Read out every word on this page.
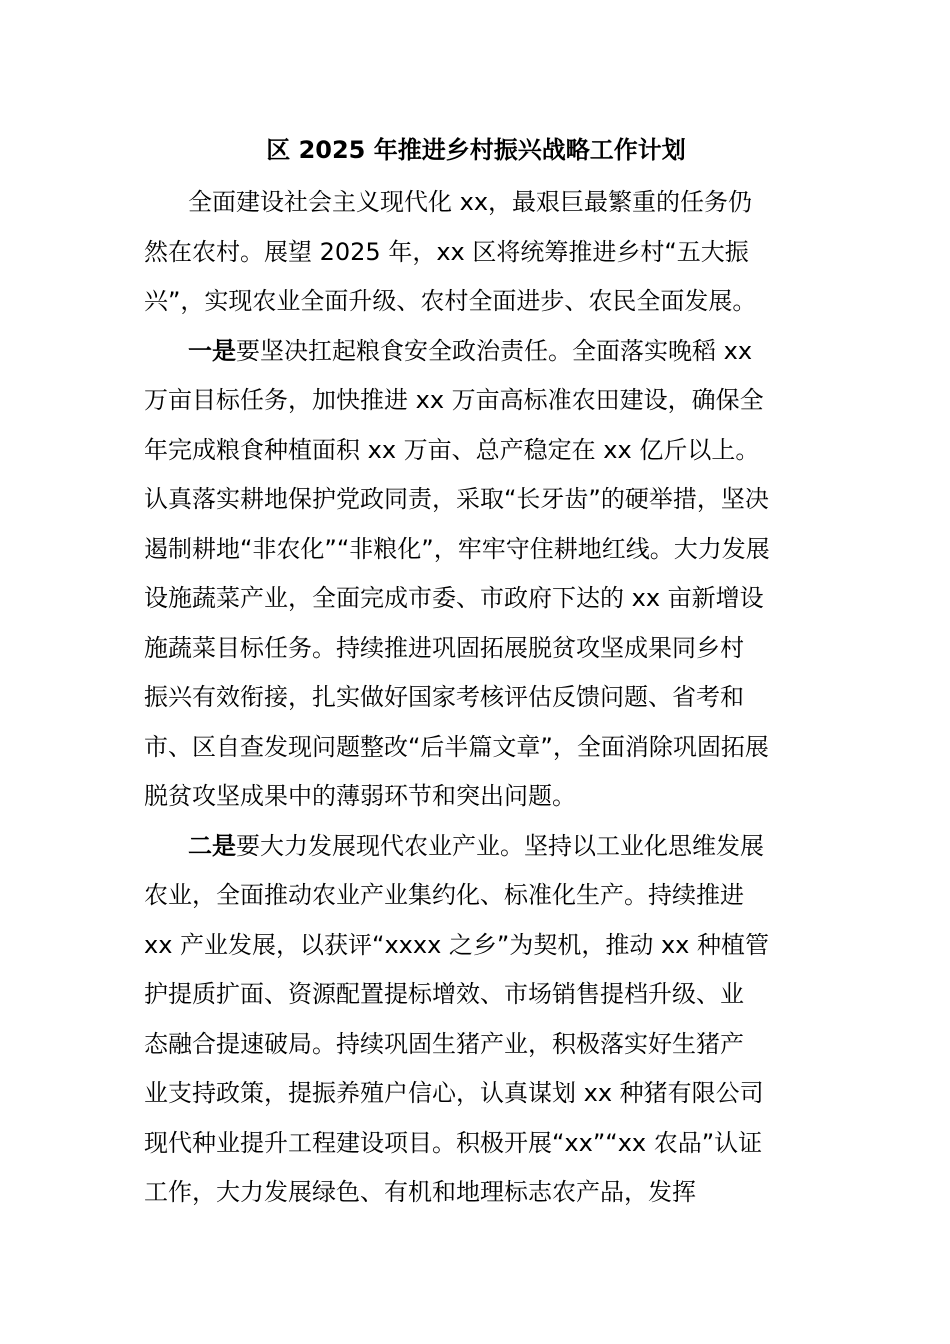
区 2025 年推进乡村振兴战略工作计划
全面建设社会主义现代化 xx，最艰巨最繁重的任务仍
然在农村。展望 2025 年，xx 区将统筹推进乡村“五大振
兴”，实现农业全面升级、农村全面进步、农民全面发展。
一是要坚决扛起粮食安全政治责任。全面落实晚稻 xx
万亩目标任务，加快推进 xx 万亩高标准农田建设，确保全
年完成粮食种植面积 xx 万亩、总产稳定在 xx 亿斤以上。
认真落实耕地保护党政同责，采取“长牙齿”的硬举措，坚决
遏制耕地“非农化”“非粮化”，牢牢守住耕地红线。大力发展
设施蔬菜产业，全面完成市委、市政府下达的 xx 亩新增设
施蔬菜目标任务。持续推进巩固拓展脱贫攻坚成果同乡村
振兴有效衔接，扎实做好国家考核评估反馈问题、省考和
市、区自查发现问题整改“后半篇文章”，全面消除巩固拓展
脱贫攻坚成果中的薄弱环节和突出问题。
二是要大力发展现代农业产业。坚持以工业化思维发展
农业，全面推动农业产业集约化、标准化生产。持续推进
xx 产业发展，以获评“xxxx 之乡”为契机，推动 xx 种植管
护提质扩面、资源配置提标增效、市场销售提档升级、业
态融合提速破局。持续巩固生猪产业，积极落实好生猪产
业支持政策，提振养殖户信心，认真谋划 xx 种猪有限公司
现代种业提升工程建设项目。积极开展“xx”“xx 农品”认证
工作，大力发展绿色、有机和地理标志农产品，发挥
